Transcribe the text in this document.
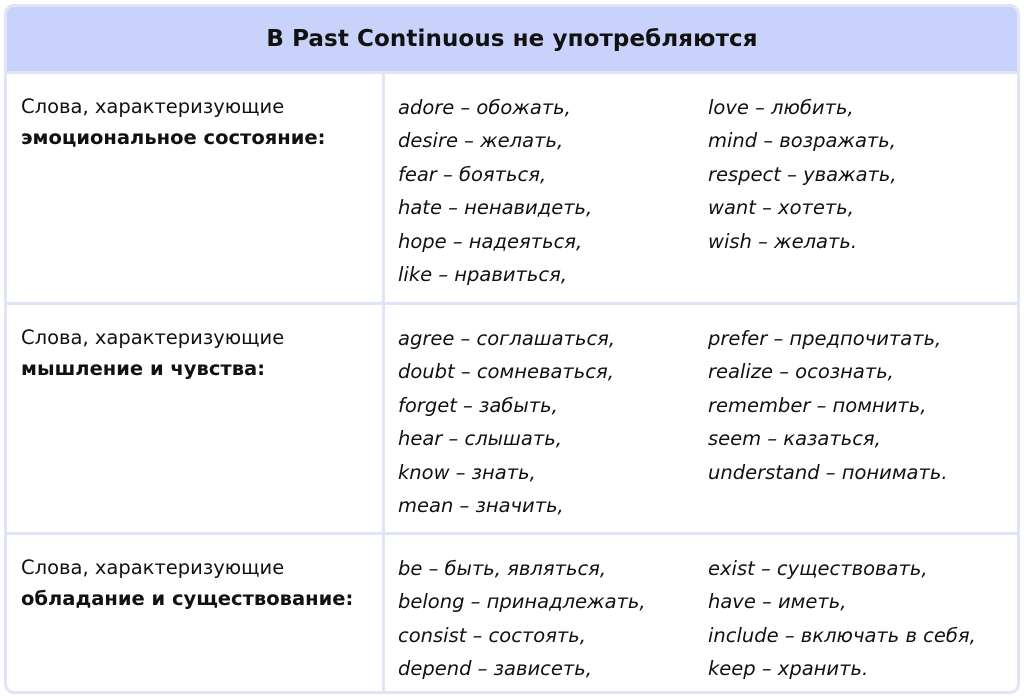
В Past Continuous не употребляются
Слова, характеризующие
эмоциональное состояние:
adore – обожать,
desire – желать,
fear – бояться,
hate – ненавидеть,
hope – надеяться,
like – нравиться,
love – любить,
mind – возражать,
respect – уважать,
want – хотеть,
wish – желать.
Слова, характеризующие
мышление и чувства:
agree – соглашаться,
doubt – сомневаться,
forget – забыть,
hear – слышать,
know – знать,
mean – значить,
prefer – предпочитать,
realize – осознать,
remember – помнить,
seem – казаться,
understand – понимать.
Слова, характеризующие
обладание и существование:
be – быть, являться,
belong – принадлежать,
consist – состоять,
depend – зависеть,
exist – существовать,
have – иметь,
include – включать в себя,
keep – хранить.
